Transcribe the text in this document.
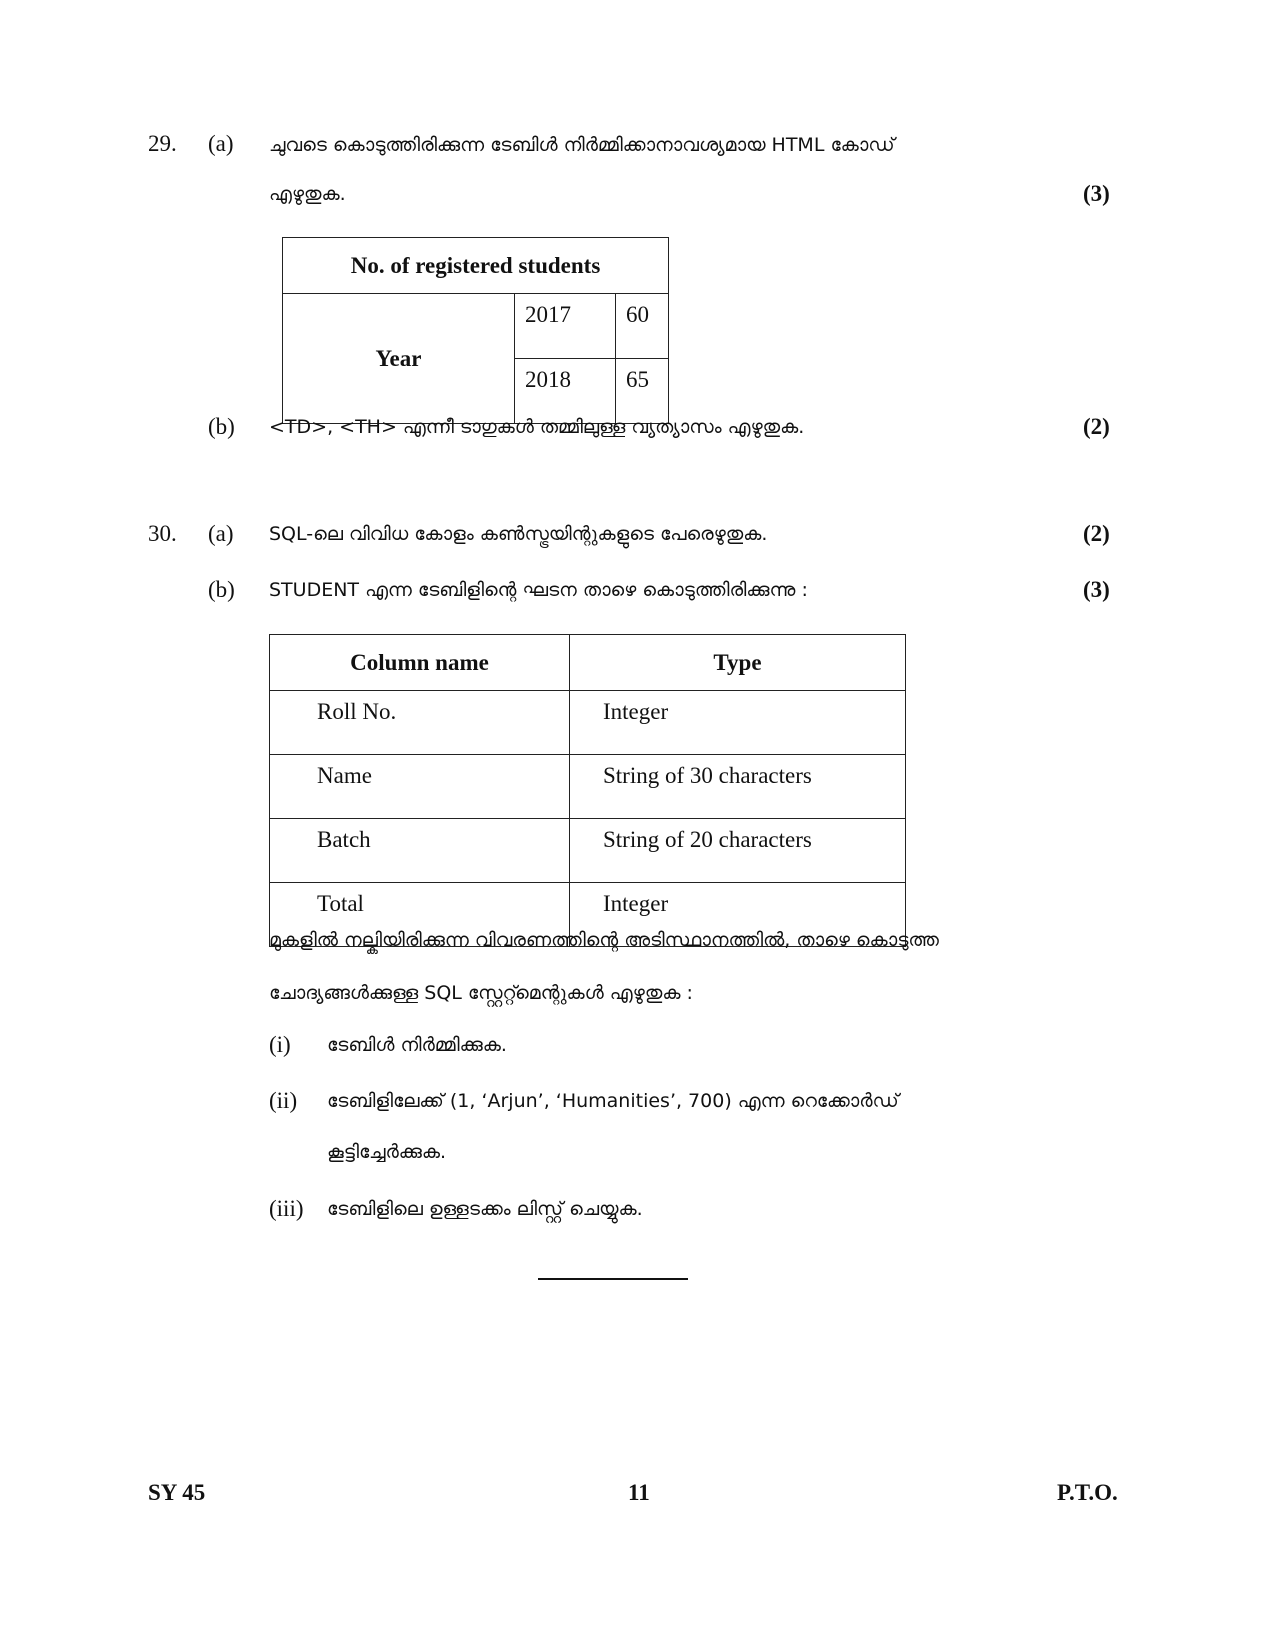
29. (a) ചുവടെ കൊടുത്തിരിക്കുന്ന ടേബിൾ നിർമ്മിക്കാനാവശ്യമായ HTML കോഡ്
എഴുതുക.	(3)
No. of registered students		
Year	2017	60
	2018	65
(b) <TD>, <TH> എന്നീ ടാഗുകൾ തമ്മിലുള്ള വ്യത്യാസം എഴുതുക.	(2)
30. (a) SQL-ലെ വിവിധ കോളം കൺസ്ട്രയിന്റുകളുടെ പേരെഴുതുക.	(2)
(b) STUDENT എന്ന ടേബിളിന്റെ ഘടന താഴെ കൊടുത്തിരിക്കുന്നു :	(3)
Column name	Type
Roll No.	Integer
Name	String of 30 characters
Batch	String of 20 characters
Total	Integer
മുകളിൽ നല്കിയിരിക്കുന്ന വിവരണത്തിന്റെ അടിസ്ഥാനത്തിൽ, താഴെ കൊടുത്ത
ചോദ്യങ്ങൾക്കുള്ള SQL സ്റ്റേറ്റ്മെന്റുകൾ എഴുതുക :
(i) ടേബിൾ നിർമ്മിക്കുക.
(ii) ടേബിളിലേക്ക് (1, ‘Arjun’, ‘Humanities’, 700) എന്ന റെക്കോർഡ്
കൂട്ടിച്ചേർക്കുക.
(iii) ടേബിളിലെ ഉള്ളടക്കം ലിസ്റ്റ് ചെയ്യുക.
SY 45	11	P.T.O.
